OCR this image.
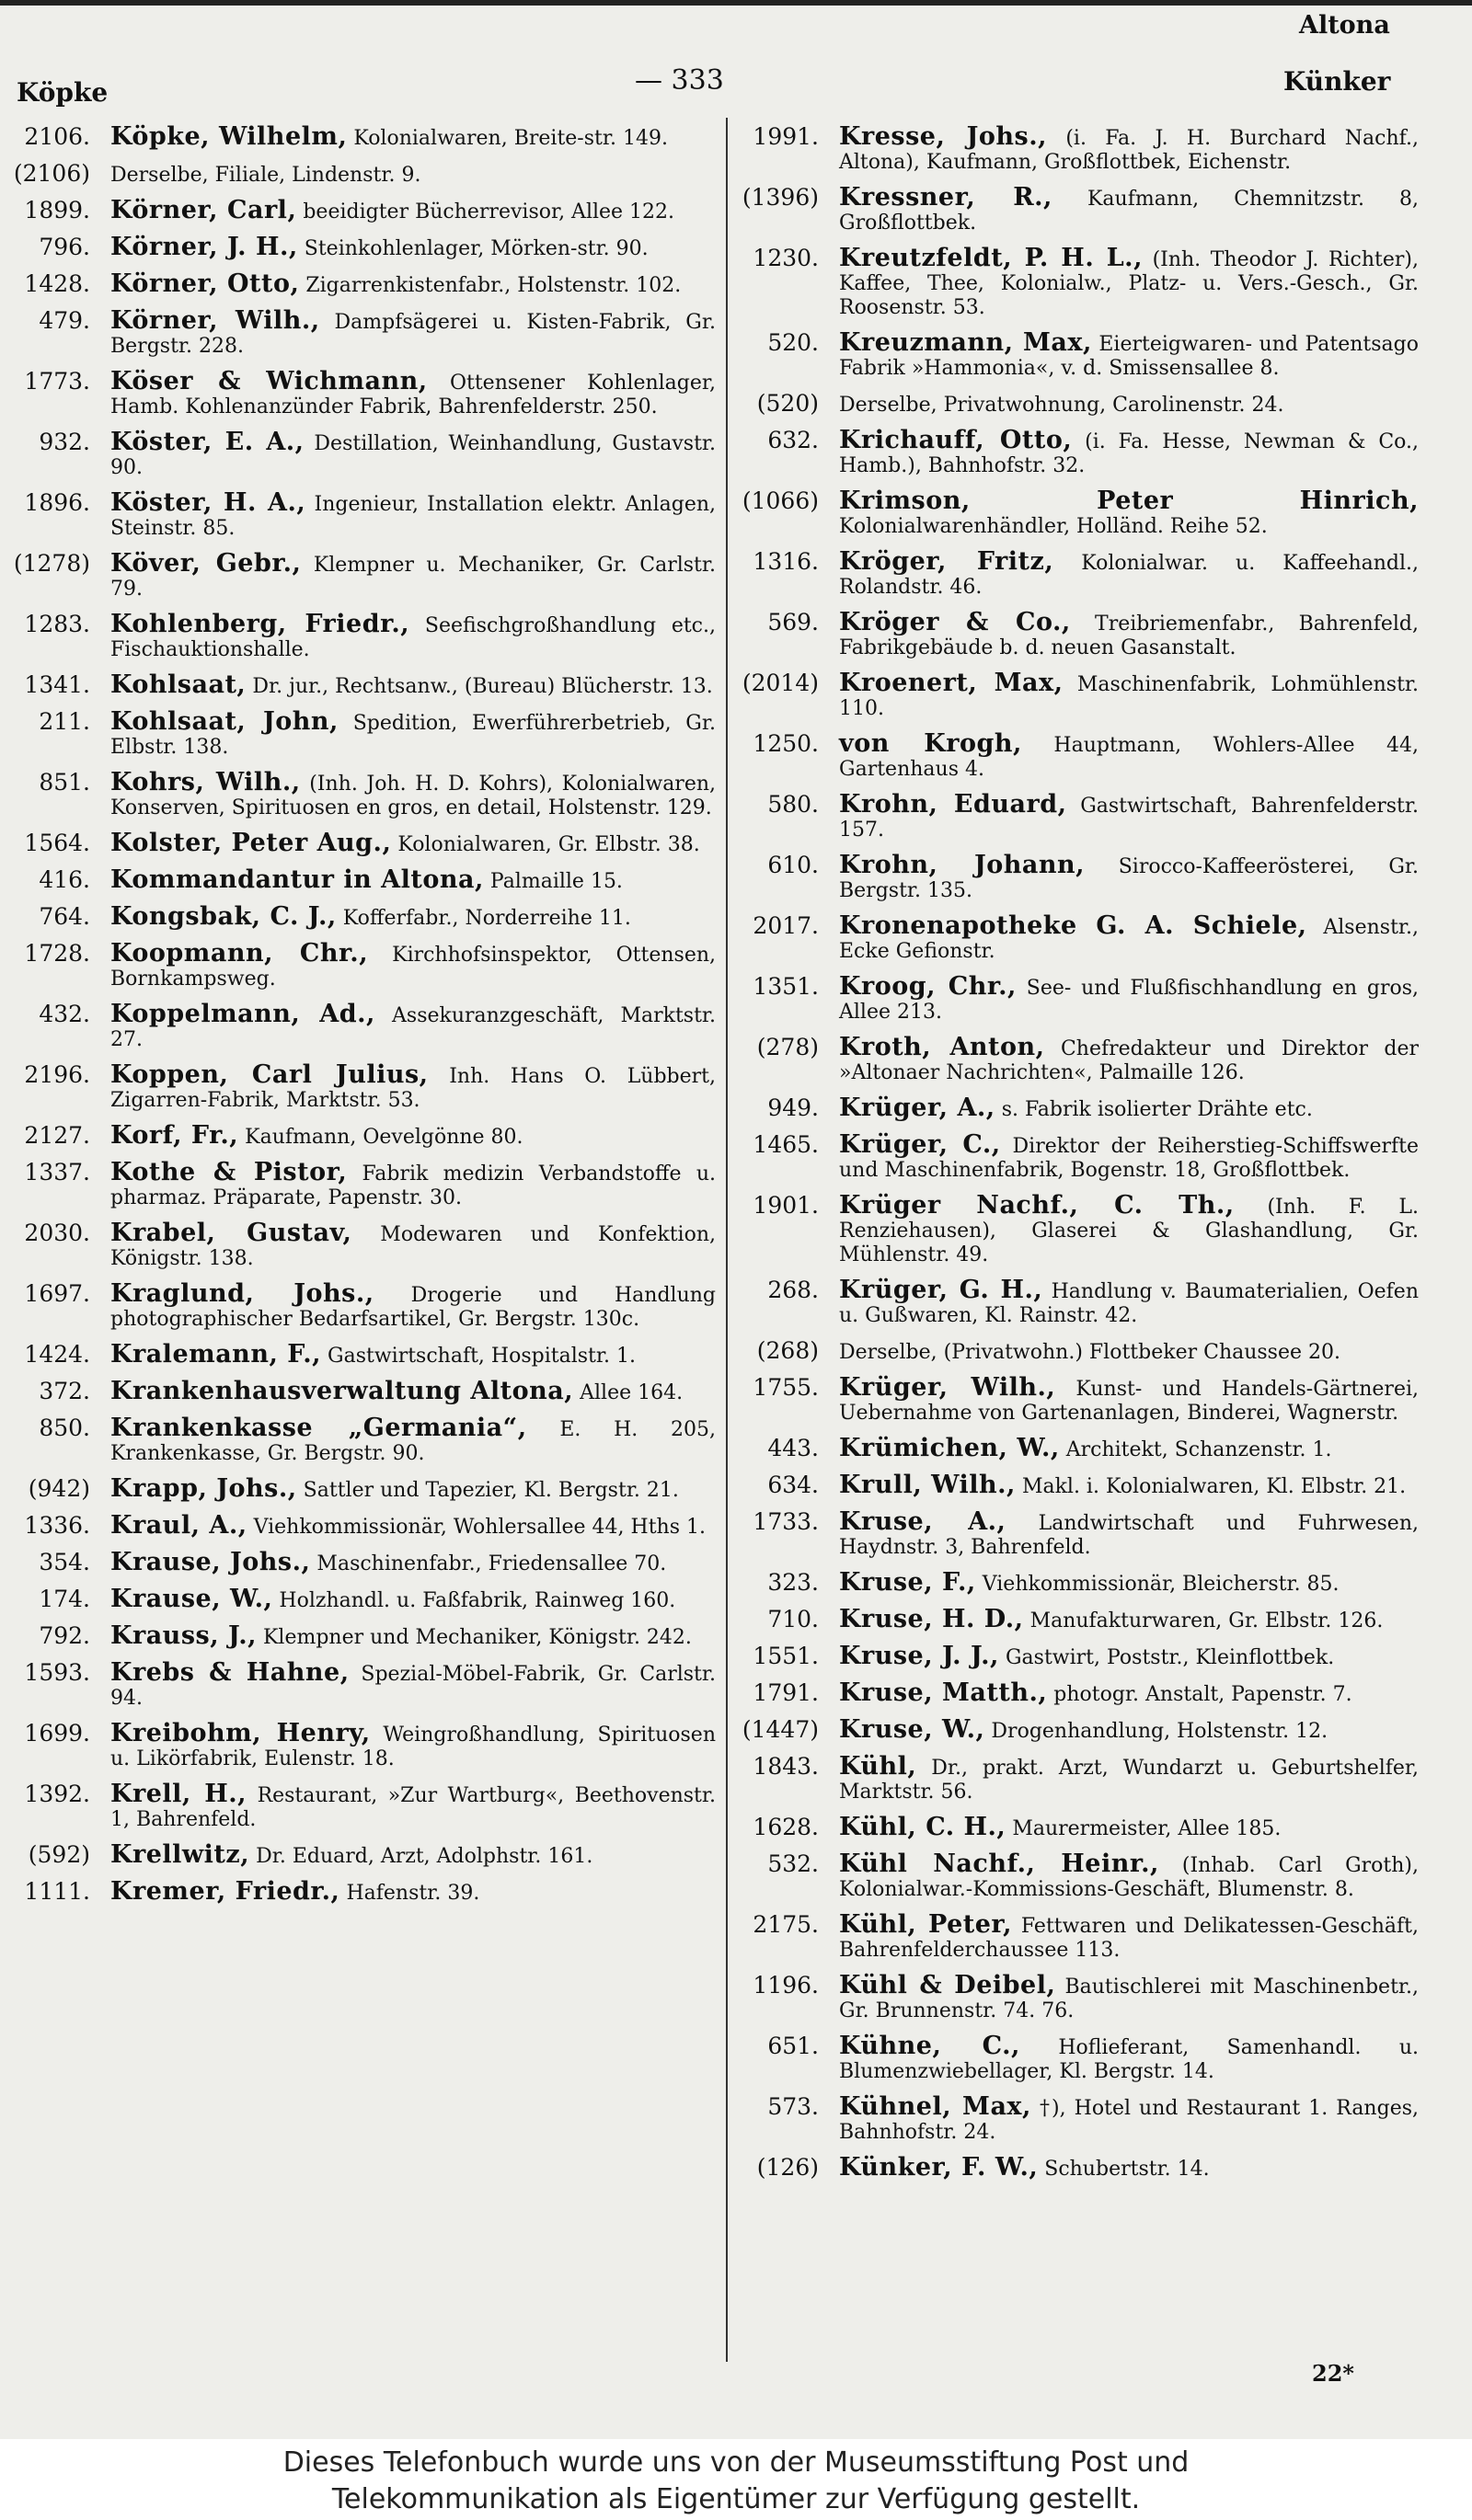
Köpke	— 333
Altona
Künker
2106. Köpke, Wilhelm, Kolonialwaren, Breite-str. 149.
(2106)	Derselbe, Filiale, Lindenstr. 9.
1899. Körner, Carl, beeidigter Bücherrevisor, Allee 122.
796. Körner, J. H., Steinkohlenlager, Mörken-str. 90.
1428. Körner, Otto, Zigarrenkistenfabr., Holstenstr. 102.
479. Körner, Wilh., Dampfsägerei u. Kisten-Fabrik, Gr. Bergstr. 228.
1773. Köser & Wichmann, Ottensener Kohlenlager, Hamb. Kohlenanzünder Fabrik, Bahrenfelderstr. 250.
932. Köster, E. A., Destillation, Weinhandlung, Gustavstr. 90.
1896. Köster, H. A., Ingenieur, Installation elektr. Anlagen, Steinstr. 85.
(1278) Köver, Gebr., Klempner u. Mechaniker, Gr. Carlstr. 79.
1283. Kohlenberg, Friedr., Seefischgroßhandlung etc., Fischauktionshalle.
1341. Kohlsaat, Dr. jur., Rechtsanw., (Bureau) Blücherstr. 13.
211. Kohlsaat, John, Spedition, Ewerführerbetrieb, Gr. Elbstr. 138.
851. Kohrs, Wilh., (Inh. Joh. H. D. Kohrs), Kolonialwaren, Konserven, Spirituosen en gros, en detail, Holstenstr. 129.
1564. Kolster, Peter Aug., Kolonialwaren, Gr. Elbstr. 38.
416. Kommandantur in Altona, Palmaille 15.
764. Kongsbak, C. J., Kofferfabr., Norderreihe 11.
1728. Koopmann, Chr., Kirchhofsinspektor, Ottensen, Bornkampsweg.
432. Koppelmann, Ad., Assekuranzgeschäft, Marktstr. 27.
2196. Koppen, Carl Julius, Inh. Hans O. Lübbert, Zigarren-Fabrik, Marktstr. 53.
2127. Korf, Fr., Kaufmann, Oevelgönne 80.
1337. Kothe & Pistor, Fabrik medizin Verbandstoffe u. pharmaz. Präparate, Papenstr. 30.
2030. Krabel, Gustav, Modewaren und Konfektion, Königstr. 138.
1697. Kraglund, Johs., Drogerie und Handlung photographischer Bedarfsartikel, Gr. Bergstr. 130c.
1424. Kralemann, F., Gastwirtschaft, Hospitalstr. 1.
372. Krankenhausverwaltung Altona, Allee 164.
850. Krankenkasse „Germania“, E. H. 205, Krankenkasse, Gr. Bergstr. 90.
(942) Krapp, Johs., Sattler und Tapezier, Kl. Bergstr. 21.
1336. Kraul, A., Viehkommissionär, Wohlersallee 44, Hths 1.
354. Krause, Johs., Maschinenfabr., Friedensallee 70.
174. Krause, W., Holzhandl. u. Faßfabrik, Rainweg 160.
792. Krauss, J., Klempner und Mechaniker, Königstr. 242.
1593. Krebs & Hahne, Spezial-Möbel-Fabrik, Gr. Carlstr. 94.
1699. Kreibohm, Henry, Weingroßhandlung, Spirituosen u. Likörfabrik, Eulenstr. 18.
1392. Krell, H., Restaurant, »Zur Wartburg«, Beethovenstr. 1, Bahrenfeld.
(592) Krellwitz, Dr. Eduard, Arzt, Adolphstr. 161.
1111. Kremer, Friedr., Hafenstr. 39.
1991. Kresse, Johs., (i. Fa. J. H. Burchard Nachf., Altona), Kaufmann, Großflottbek, Eichenstr.
(1396) Kressner, R., Kaufmann, Chemnitzstr. 8, Großflottbek.
1230. Kreutzfeldt, P. H. L., (Inh. Theodor J. Richter), Kaffee, Thee, Kolonialw., Platz- u. Vers.-Gesch., Gr. Roosenstr. 53.
520. Kreuzmann, Max, Eierteigwaren- und Patentsago Fabrik »Hammonia«, v. d. Smissensallee 8.
(520)	Derselbe, Privatwohnung, Carolinenstr. 24.
632. Krichauff, Otto, (i. Fa. Hesse, Newman & Co., Hamb.), Bahnhofstr. 32.
(1066) Krimson, Peter Hinrich, Kolonialwarenhändler, Holländ. Reihe 52.
1316. Kröger, Fritz, Kolonialwar. u. Kaffeehandl., Rolandstr. 46.
569. Kröger & Co., Treibriemenfabr., Bahrenfeld, Fabrikgebäude b. d. neuen Gasanstalt.
(2014) Kroenert, Max, Maschinenfabrik, Lohmühlenstr. 110.
1250. von Krogh, Hauptmann, Wohlers-Allee 44, Gartenhaus 4.
580. Krohn, Eduard, Gastwirtschaft, Bahrenfelderstr. 157.
610. Krohn, Johann, Sirocco-Kaffeerösterei, Gr. Bergstr. 135.
2017. Kronenapotheke G. A. Schiele, Alsenstr., Ecke Gefionstr.
1351. Kroog, Chr., See- und Flußfischhandlung en gros, Allee 213.
(278) Kroth, Anton, Chefredakteur und Direktor der »Altonaer Nachrichten«, Palmaille 126.
949. Krüger, A., s. Fabrik isolierter Drähte etc.
1465. Krüger, C., Direktor der Reiherstieg-Schiffswerfte und Maschinenfabrik, Bogenstr. 18, Großflottbek.
1901. Krüger Nachf., C. Th., (Inh. F. L. Renziehausen), Glaserei & Glashandlung, Gr. Mühlenstr. 49.
268. Krüger, G. H., Handlung v. Baumaterialien, Oefen u. Gußwaren, Kl. Rainstr. 42.
(268)	Derselbe, (Privatwohn.) Flottbeker Chaussee 20.
1755. Krüger, Wilh., Kunst- und Handels-Gärtnerei, Uebernahme von Gartenanlagen, Binderei, Wagnerstr.
443. Krümichen, W., Architekt, Schanzenstr. 1.
634. Krull, Wilh., Makl. i. Kolonialwaren, Kl. Elbstr. 21.
1733. Kruse, A., Landwirtschaft und Fuhrwesen, Haydnstr. 3, Bahrenfeld.
323. Kruse, F., Viehkommissionär, Bleicherstr. 85.
710. Kruse, H. D., Manufakturwaren, Gr. Elbstr. 126.
1551. Kruse, J. J., Gastwirt, Poststr., Kleinflottbek.
1791. Kruse, Matth., photogr. Anstalt, Papenstr. 7.
(1447) Kruse, W., Drogenhandlung, Holstenstr. 12.
1843. Kühl, Dr., prakt. Arzt, Wundarzt u. Geburtshelfer, Marktstr. 56.
1628. Kühl, C. H., Maurermeister, Allee 185.
532. Kühl Nachf., Heinr., (Inhab. Carl Groth), Kolonialwar.-Kommissions-Geschäft, Blumenstr. 8.
2175. Kühl, Peter, Fettwaren und Delikatessen-Geschäft, Bahrenfelderchaussee 113.
1196. Kühl & Deibel, Bautischlerei mit Maschinenbetr., Gr. Brunnenstr. 74. 76.
651. Kühne, C., Hoflieferant, Samenhandl. u. Blumenzwiebellager, Kl. Bergstr. 14.
573. Kühnel, Max, †), Hotel und Restaurant 1. Ranges, Bahnhofstr. 24.
(126) Künker, F. W., Schubertstr. 14.
22*
Dieses Telefonbuch wurde uns von der Museumsstiftung Post und
Telekommunikation als Eigentümer zur Verfügung gestellt.
